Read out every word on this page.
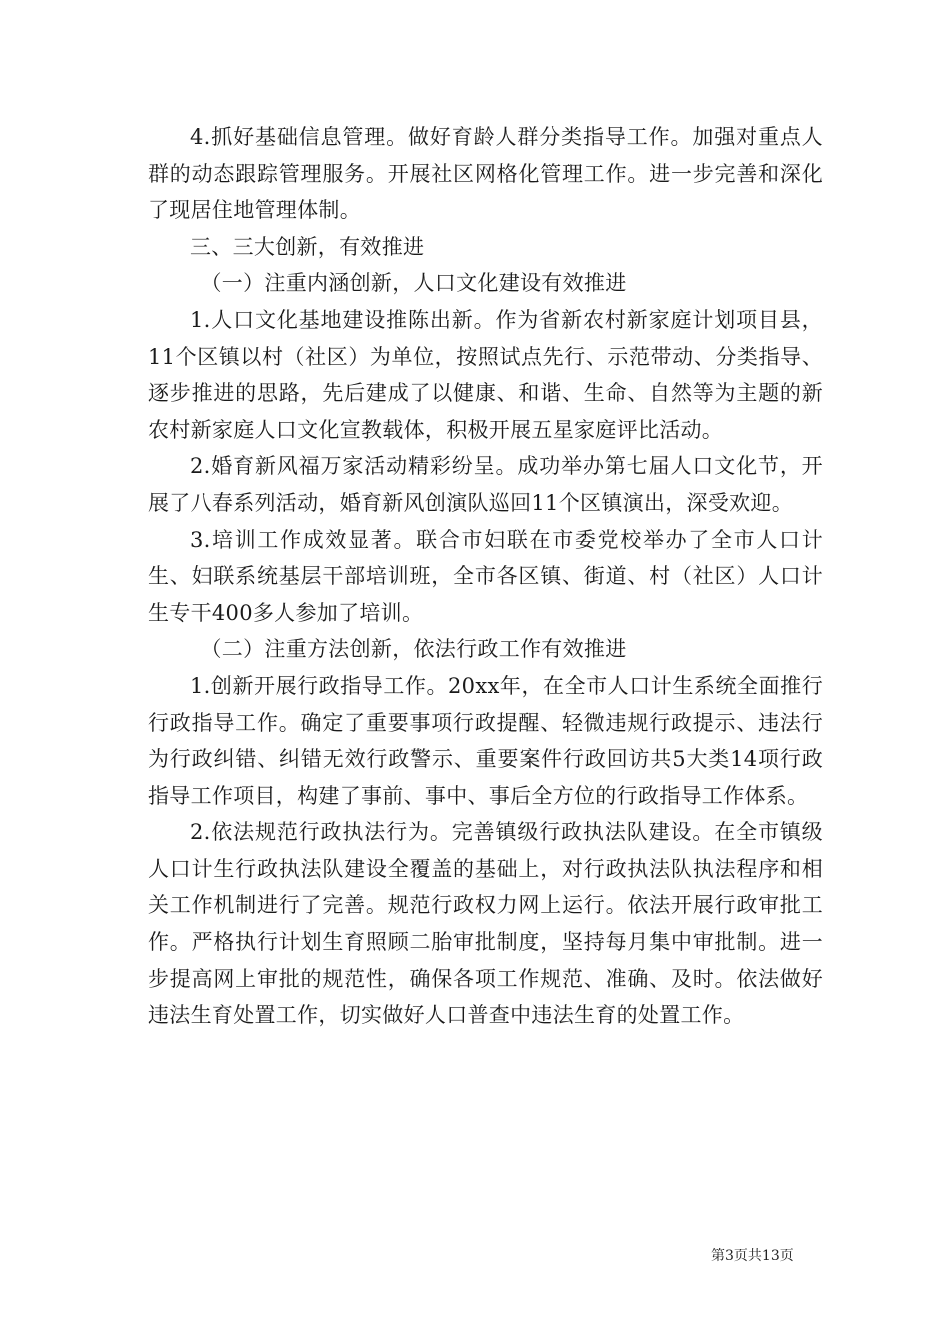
4.抓好基础信息管理。做好育龄人群分类指导工作。加强对重点人群的动态跟踪管理服务。开展社区网格化管理工作。进一步完善和深化了现居住地管理体制。

三、三大创新，有效推进

（一）注重内涵创新，人口文化建设有效推进

1.人口文化基地建设推陈出新。作为省新农村新家庭计划项目县，11个区镇以村（社区）为单位，按照试点先行、示范带动、分类指导、逐步推进的思路，先后建成了以健康、和谐、生命、自然等为主题的新农村新家庭人口文化宣教载体，积极开展五星家庭评比活动。

2.婚育新风福万家活动精彩纷呈。成功举办第七届人口文化节，开展了八春系列活动，婚育新风创演队巡回11个区镇演出，深受欢迎。

3.培训工作成效显著。联合市妇联在市委党校举办了全市人口计生、妇联系统基层干部培训班，全市各区镇、街道、村（社区）人口计生专干400多人参加了培训。

（二）注重方法创新，依法行政工作有效推进

1.创新开展行政指导工作。20xx年，在全市人口计生系统全面推行行政指导工作。确定了重要事项行政提醒、轻微违规行政提示、违法行为行政纠错、纠错无效行政警示、重要案件行政回访共5大类14项行政指导工作项目，构建了事前、事中、事后全方位的行政指导工作体系。

2.依法规范行政执法行为。完善镇级行政执法队建设。在全市镇级人口计生行政执法队建设全覆盖的基础上，对行政执法队执法程序和相关工作机制进行了完善。规范行政权力网上运行。依法开展行政审批工作。严格执行计划生育照顾二胎审批制度，坚持每月集中审批制。进一步提高网上审批的规范性，确保各项工作规范、准确、及时。依法做好违法生育处置工作，切实做好人口普查中违法生育的处置工作。

第3页共13页
